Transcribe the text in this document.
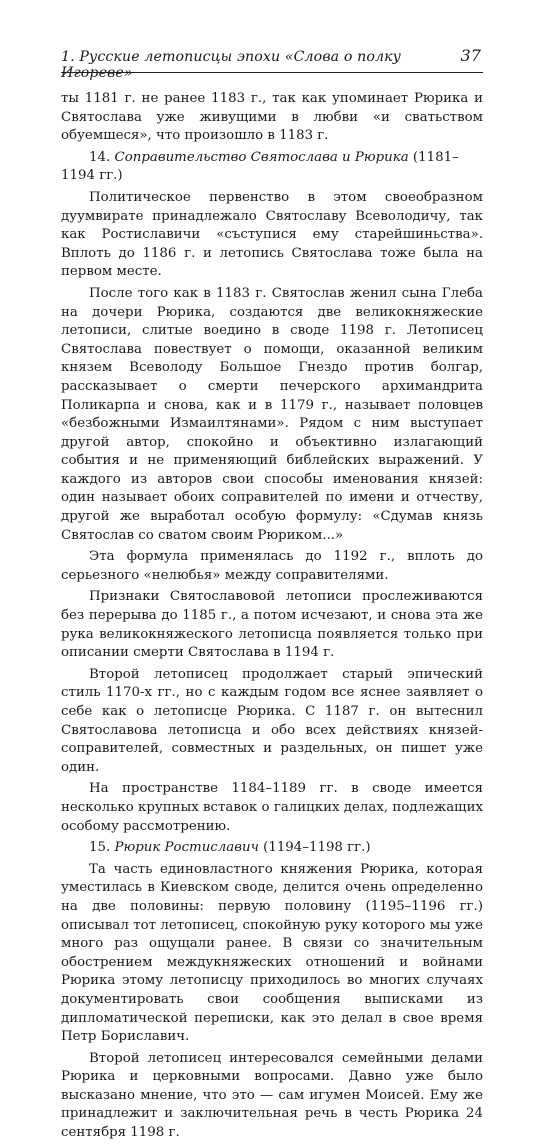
1. Русские летописцы эпохи «Слова о полку Игореве»
37

ты 1181 г. не ранее 1183 г., так как упоминает Рюрика и Святослава уже живущими в любви «и сватьством обуемшеся», что произошло в 1183 г.

14. Соправительство Святослава и Рюрика (1181–1194 гг.)

Политическое первенство в этом своеобразном дуумвирате принадлежало Святославу Всеволодичу, так как Ростиславичи «съступися ему старейшиньства». Вплоть до 1186 г. и летопись Святослава тоже была на первом месте.

После того как в 1183 г. Святослав женил сына Глеба на дочери Рюрика, создаются две великокняжеские летописи, слитые воедино в своде 1198 г. Летописец Святослава повествует о помощи, оказанной великим князем Всеволоду Большое Гнездо против болгар, рассказывает о смерти печерского архимандрита Поликарпа и снова, как и в 1179 г., называет половцев «безбожными Измаилтянами». Рядом с ним выступает другой автор, спокойно и объективно излагающий события и не применяющий библейских выражений. У каждого из авторов свои способы именования князей: один называет обоих соправителей по имени и отчеству, другой же выработал особую формулу: «Сдумав князь Святослав со сватом своим Рюриком...»

Эта формула применялась до 1192 г., вплоть до серьезного «нелюбья» между соправителями.

Признаки Святославовой летописи прослеживаются без перерыва до 1185 г., а потом исчезают, и снова эта же рука великокняжеского летописца появляется только при описании смерти Святослава в 1194 г.

Второй летописец продолжает старый эпический стиль 1170-х гг., но с каждым годом все яснее заявляет о себе как о летописце Рюрика. С 1187 г. он вытеснил Святославова летописца и обо всех действиях князей-соправителей, совместных и раздельных, он пишет уже один.

На пространстве 1184–1189 гг. в своде имеется несколько крупных вставок о галицких делах, подлежащих особому рассмотрению.

15. Рюрик Ростиславич (1194–1198 гг.)

Та часть единовластного княжения Рюрика, которая уместилась в Киевском своде, делится очень определенно на две половины: первую половину (1195–1196 гг.) описывал тот летописец, спокойную руку которого мы уже много раз ощущали ранее. В связи со значительным обострением междукняжеских отношений и войнами Рюрика этому летописцу приходилось во многих случаях документировать свои сообщения выписками из дипломатической переписки, как это делал в свое время Петр Бориславич.

Второй летописец интересовался семейными делами Рюрика и церковными вопросами. Давно уже было высказано мнение, что это — сам игумен Моисей. Ему же принадлежит и заключительная речь в честь Рюрика 24 сентября 1198 г.
